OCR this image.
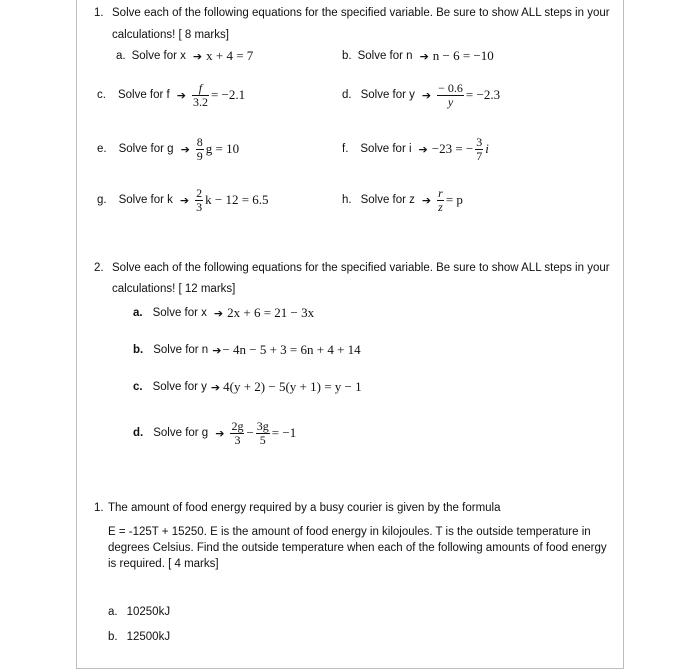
1. Solve each of the following equations for the specified variable. Be sure to show ALL steps in your
calculations! [ 8 marks]
a. Solve for x ➔ x + 4 = 7	b. Solve for n ➔ n − 6 = −10
c. Solve for f ➔ $\frac{f}{3.2} = -2.1$	d. Solve for y ➔ $\frac{- 0.6}{y} = -2.3$
e. Solve for g ➔ $\frac{8}{9}$ g = 10	f. Solve for i ➔ −23 = − $\frac{3}{7}$ i
g. Solve for k ➔ $\frac{2}{3}$ k − 12 = 6.5	h. Solve for z ➔ $\frac{r}{z} = p$
2. Solve each of the following equations for the specified variable. Be sure to show ALL steps in your
calculations! [ 12 marks]
a. Solve for x ➔ 2x + 6 = 21 − 3x
b. Solve for n ➔ − 4n − 5 + 3 = 6n + 4 + 14
c. Solve for y ➔ 4(y + 2) − 5(y + 1) = y − 1
d. Solve for g ➔ $\frac{2g}{3} - \frac{3g}{5} = -1$
1. The amount of food energy required by a busy courier is given by the formula
E = -125T + 15250. E is the amount of food energy in kilojoules. T is the outside temperature in degrees Celsius. Find the outside temperature when each of the following amounts of food energy is required. [ 4 marks]
a. 10250kJ
b. 12500kJ
